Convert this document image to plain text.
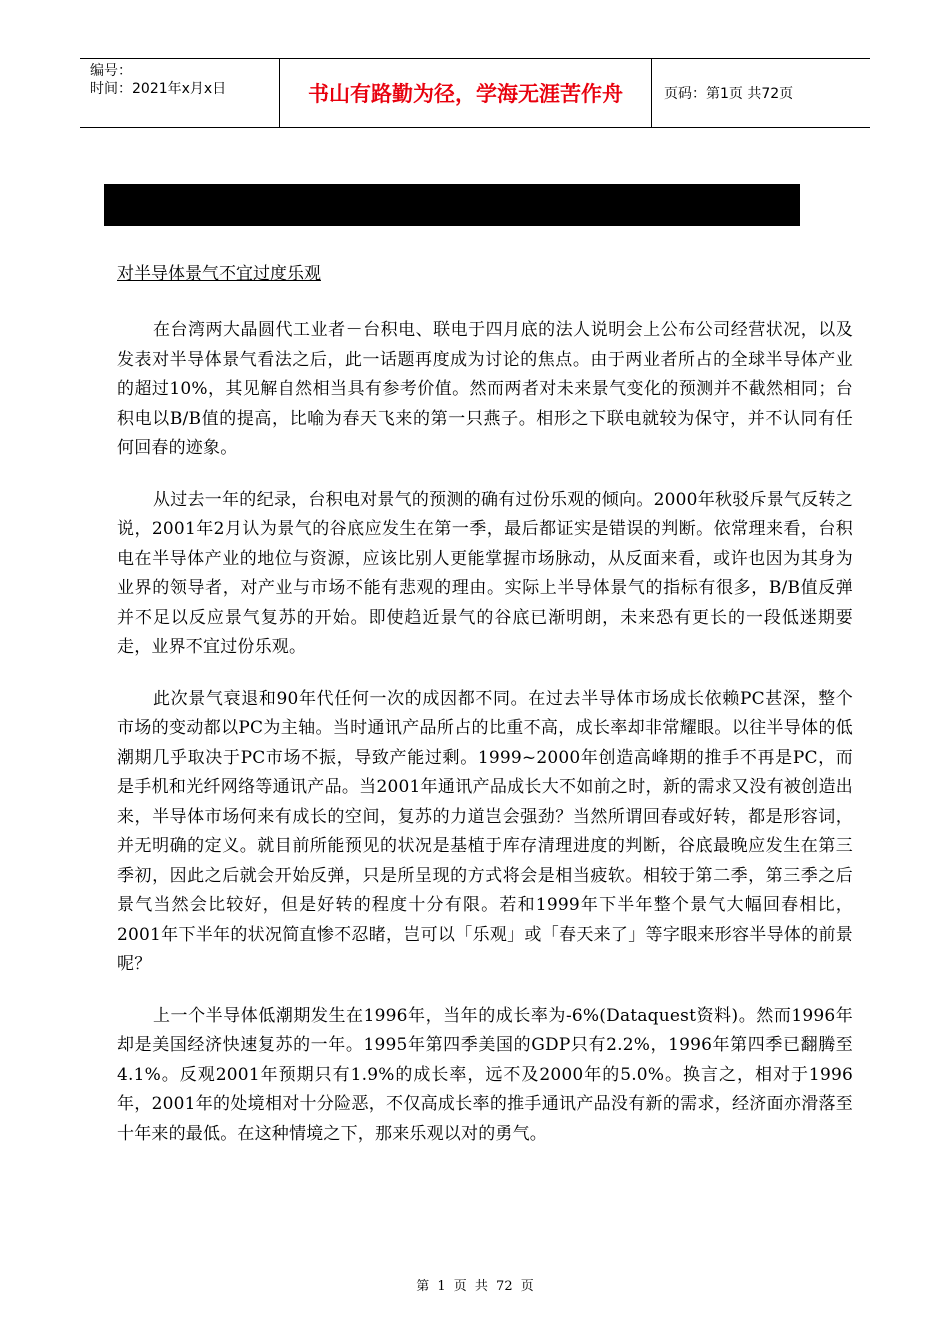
编号：
时间：2021年x月x日	书山有路勤为径，学海无涯苦作舟	页码：第1页 共72页
对半导体景气不宜过度乐观

在台湾两大晶圆代工业者－台积电、联电于四月底的法人说明会上公布公司经营状况，以及发表对半导体景气看法之后，此一话题再度成为讨论的焦点。由于两业者所占的全球半导体产业的超过10%，其见解自然相当具有参考价值。然而两者对未来景气变化的预测并不截然相同；台积电以B/B值的提高，比喻为春天飞来的第一只燕子。相形之下联电就较为保守，并不认同有任何回春的迹象。

从过去一年的纪录，台积电对景气的预测的确有过份乐观的倾向。2000年秋驳斥景气反转之说，2001年2月认为景气的谷底应发生在第一季，最后都证实是错误的判断。依常理来看，台积电在半导体产业的地位与资源，应该比别人更能掌握市场脉动，从反面来看，或许也因为其身为业界的领导者，对产业与市场不能有悲观的理由。实际上半导体景气的指标有很多，B/B值反弹并不足以反应景气复苏的开始。即使趋近景气的谷底已渐明朗，未来恐有更长的一段低迷期要走，业界不宜过份乐观。

此次景气衰退和90年代任何一次的成因都不同。在过去半导体市场成长依赖PC甚深，整个市场的变动都以PC为主轴。当时通讯产品所占的比重不高，成长率却非常耀眼。以往半导体的低潮期几乎取决于PC市场不振，导致产能过剩。1999~2000年创造高峰期的推手不再是PC，而是手机和光纤网络等通讯产品。当2001年通讯产品成长大不如前之时，新的需求又没有被创造出来，半导体市场何来有成长的空间，复苏的力道岂会强劲？当然所谓回春或好转，都是形容词，并无明确的定义。就目前所能预见的状况是基植于库存清理进度的判断，谷底最晚应发生在第三季初，因此之后就会开始反弹，只是所呈现的方式将会是相当疲软。相较于第二季，第三季之后景气当然会比较好，但是好转的程度十分有限。若和1999年下半年整个景气大幅回春相比，2001年下半年的状况简直惨不忍睹，岂可以「乐观」或「春天来了」等字眼来形容半导体的前景呢？

上一个半导体低潮期发生在1996年，当年的成长率为-6%(Dataquest资料)。然而1996年却是美国经济快速复苏的一年。1995年第四季美国的GDP只有2.2%，1996年第四季已翻腾至4.1%。反观2001年预期只有1.9%的成长率，远不及2000年的5.0%。换言之，相对于1996年，2001年的处境相对十分险恶，不仅高成长率的推手通讯产品没有新的需求，经济面亦滑落至十年来的最低。在这种情境之下，那来乐观以对的勇气。

第 1 页 共 72 页
